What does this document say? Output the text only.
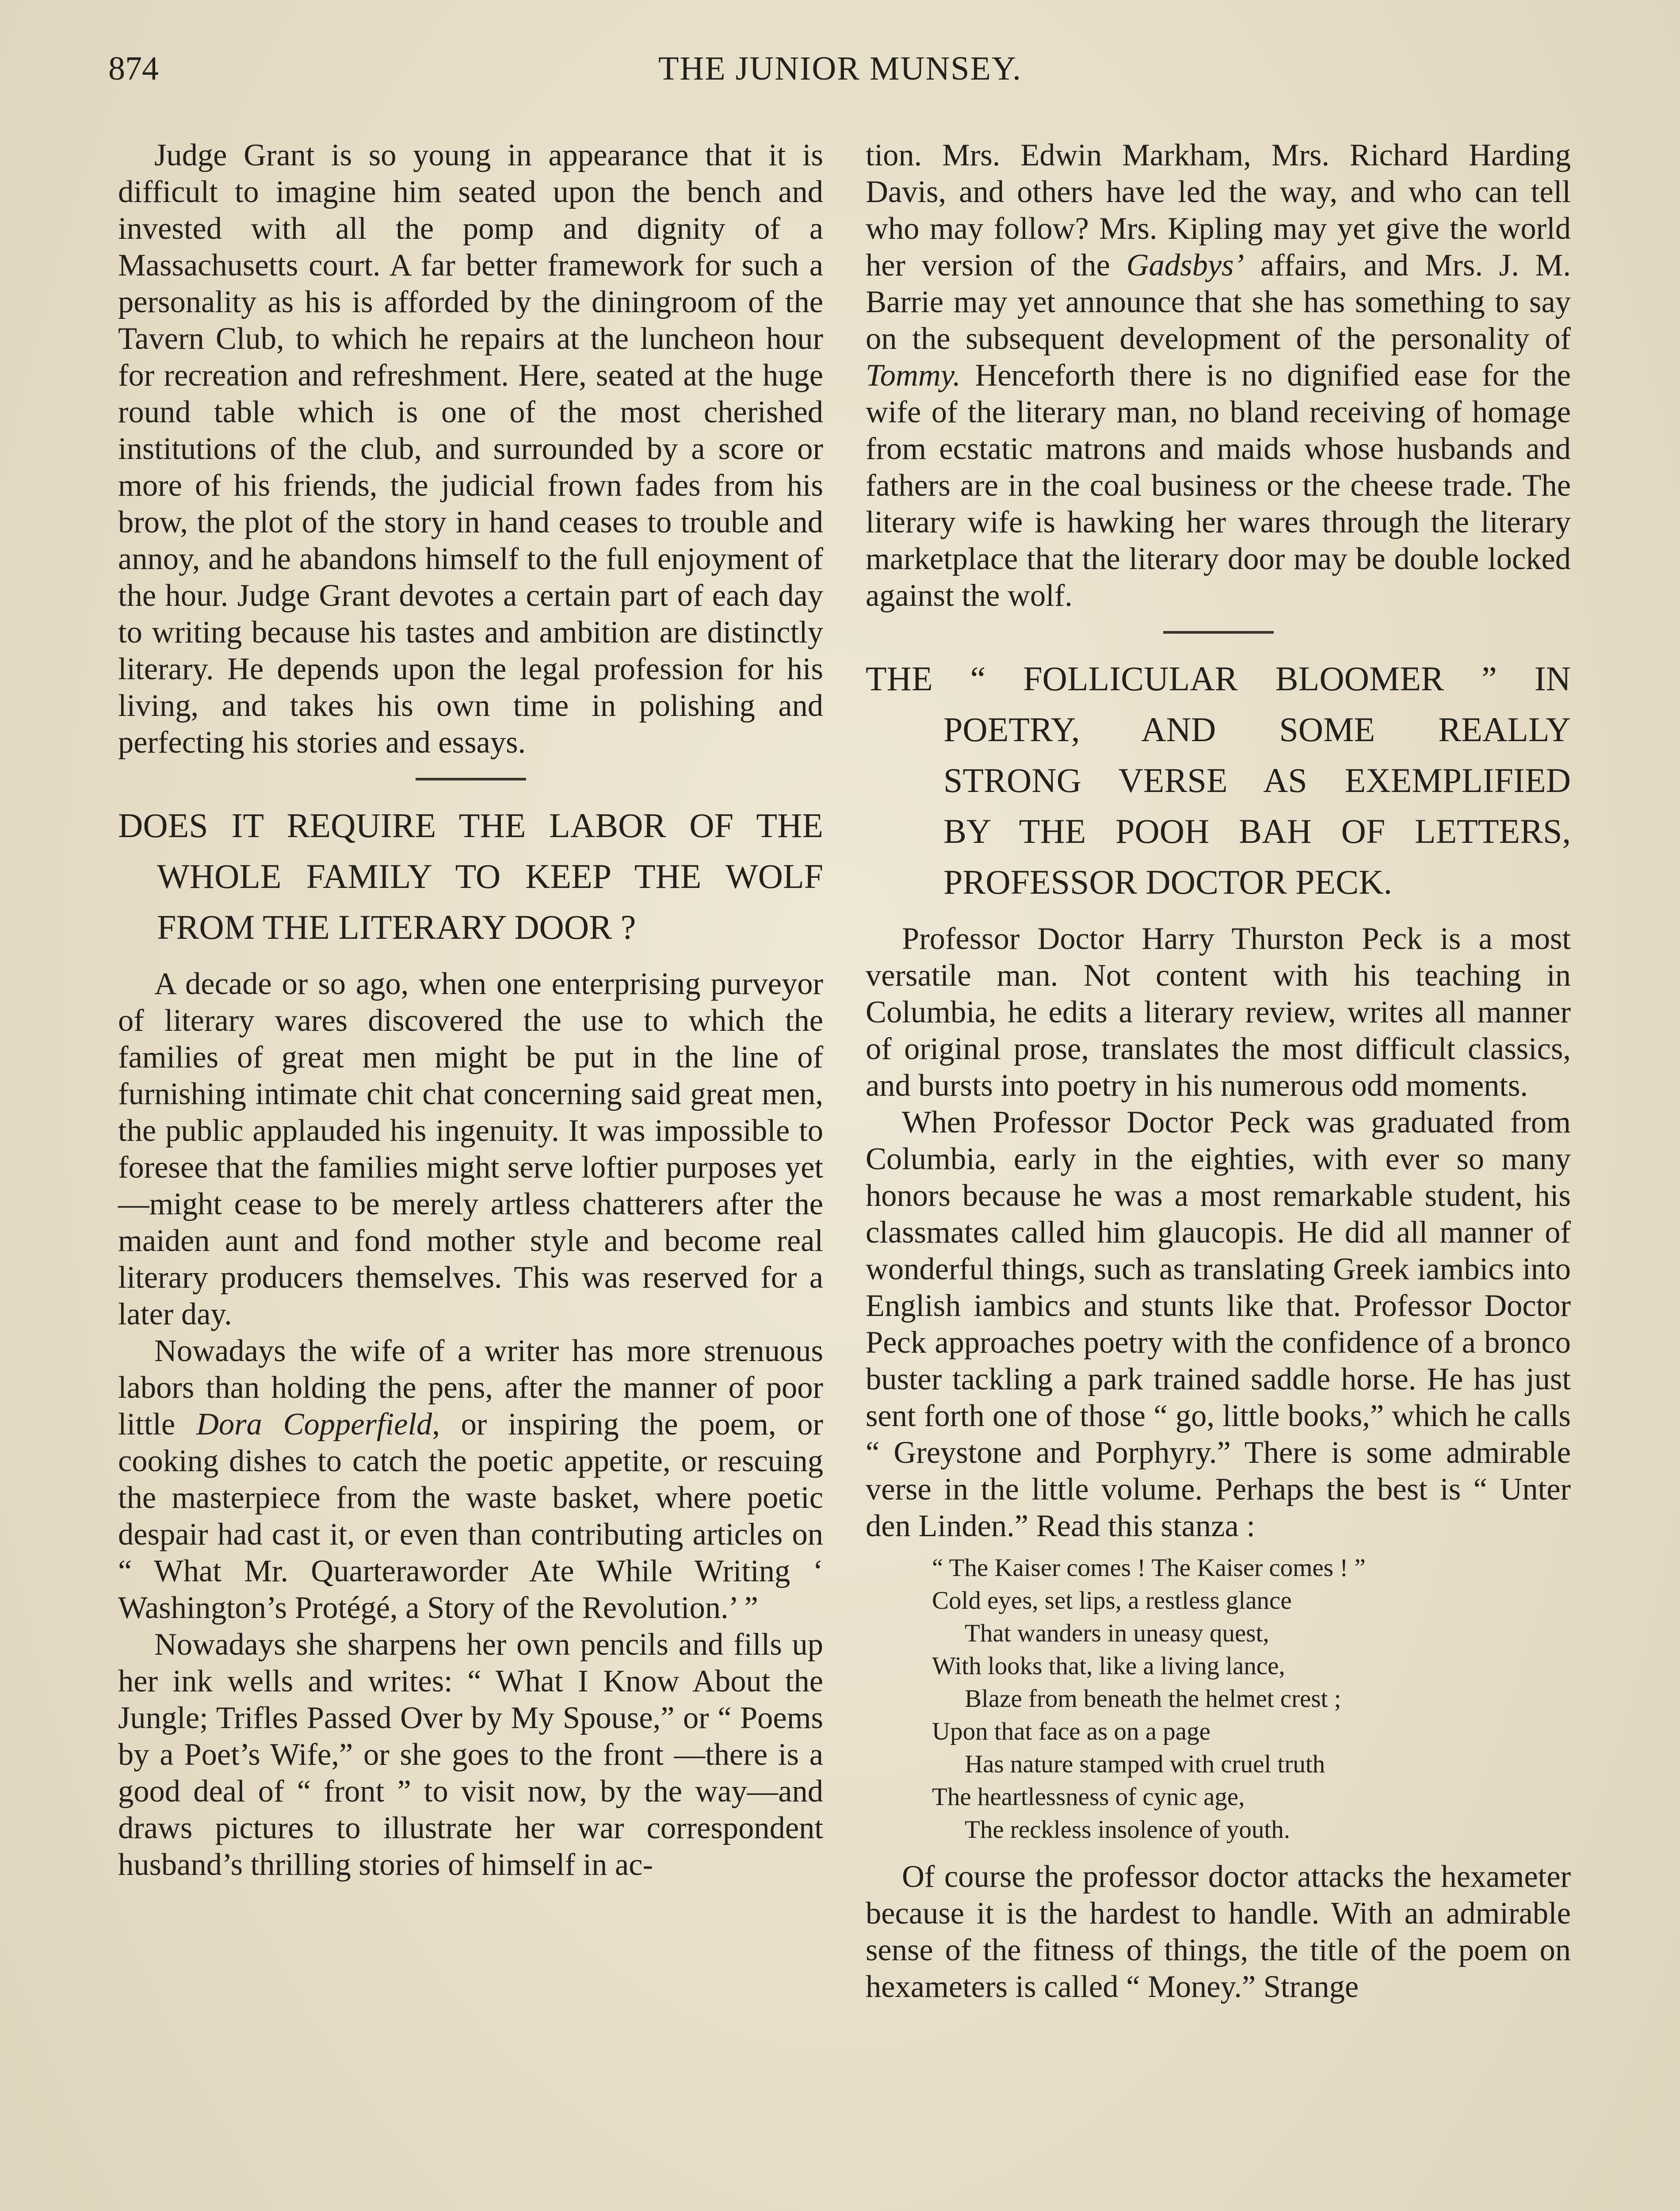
874	THE JUNIOR MUNSEY.

Judge Grant is so young in appearance that it is difficult to imagine him seated upon the bench and invested with all the pomp and dignity of a Massachusetts court. A far better framework for such a personality as his is afforded by the diningroom of the Tavern Club, to which he repairs at the luncheon hour for recreation and refreshment. Here, seated at the huge round table which is one of the most cherished institutions of the club, and surrounded by a score or more of his friends, the judicial frown fades from his brow, the plot of the story in hand ceases to trouble and annoy, and he abandons himself to the full enjoyment of the hour. Judge Grant devotes a certain part of each day to writing because his tastes and ambition are distinctly literary. He depends upon the legal profession for his living, and takes his own time in polishing and perfecting his stories and essays.

DOES IT REQUIRE THE LABOR OF THE WHOLE FAMILY TO KEEP THE WOLF FROM THE LITERARY DOOR ?

A decade or so ago, when one enterprising purveyor of literary wares discovered the use to which the families of great men might be put in the line of furnishing intimate chit chat concerning said great men, the public applauded his ingenuity. It was impossible to foresee that the families might serve loftier purposes yet—might cease to be merely artless chatterers after the maiden aunt and fond mother style and become real literary producers themselves. This was reserved for a later day.

Nowadays the wife of a writer has more strenuous labors than holding the pens, after the manner of poor little Dora Copperfield, or inspiring the poem, or cooking dishes to catch the poetic appetite, or rescuing the masterpiece from the waste basket, where poetic despair had cast it, or even than contributing articles on “ What Mr. Quarteraworder Ate While Writing ‘ Washington’s Protégé, a Story of the Revolution.’ ”

Nowadays she sharpens her own pencils and fills up her ink wells and writes: “ What I Know About the Jungle; Trifles Passed Over by My Spouse,” or “ Poems by a Poet’s Wife,” or she goes to the front —there is a good deal of “ front ” to visit now, by the way—and draws pictures to illustrate her war correspondent husband’s thrilling stories of himself in ac-

tion. Mrs. Edwin Markham, Mrs. Richard Harding Davis, and others have led the way, and who can tell who may follow? Mrs. Kipling may yet give the world her version of the Gadsbys’ affairs, and Mrs. J. M. Barrie may yet announce that she has something to say on the subsequent development of the personality of Tommy. Henceforth there is no dignified ease for the wife of the literary man, no bland receiving of homage from ecstatic matrons and maids whose husbands and fathers are in the coal business or the cheese trade. The literary wife is hawking her wares through the literary marketplace that the literary door may be double locked against the wolf.

THE “ FOLLICULAR BLOOMER ” IN
POETRY, AND SOME REALLY
STRONG VERSE AS EXEMPLIFIED
BY THE POOH BAH OF LETTERS,
PROFESSOR DOCTOR PECK.

Professor Doctor Harry Thurston Peck is a most versatile man. Not content with his teaching in Columbia, he edits a literary review, writes all manner of original prose, translates the most difficult classics, and bursts into poetry in his numerous odd moments.

When Professor Doctor Peck was graduated from Columbia, early in the eighties, with ever so many honors because he was a most remarkable student, his classmates called him glaucopis. He did all manner of wonderful things, such as translating Greek iambics into English iambics and stunts like that. Professor Doctor Peck approaches poetry with the confidence of a bronco buster tackling a park trained saddle horse. He has just sent forth one of those “ go, little books,” which he calls “ Greystone and Porphyry.” There is some admirable verse in the little volume. Perhaps the best is “ Unter den Linden.” Read this stanza :

“ The Kaiser comes ! The Kaiser comes ! ”
Cold eyes, set lips, a restless glance
That wanders in uneasy quest,
With looks that, like a living lance,
Blaze from beneath the helmet crest ;
Upon that face as on a page
Has nature stamped with cruel truth
The heartlessness of cynic age,
The reckless insolence of youth.

Of course the professor doctor attacks the hexameter because it is the hardest to handle. With an admirable sense of the fitness of things, the title of the poem on hexameters is called “ Money.” Strange
